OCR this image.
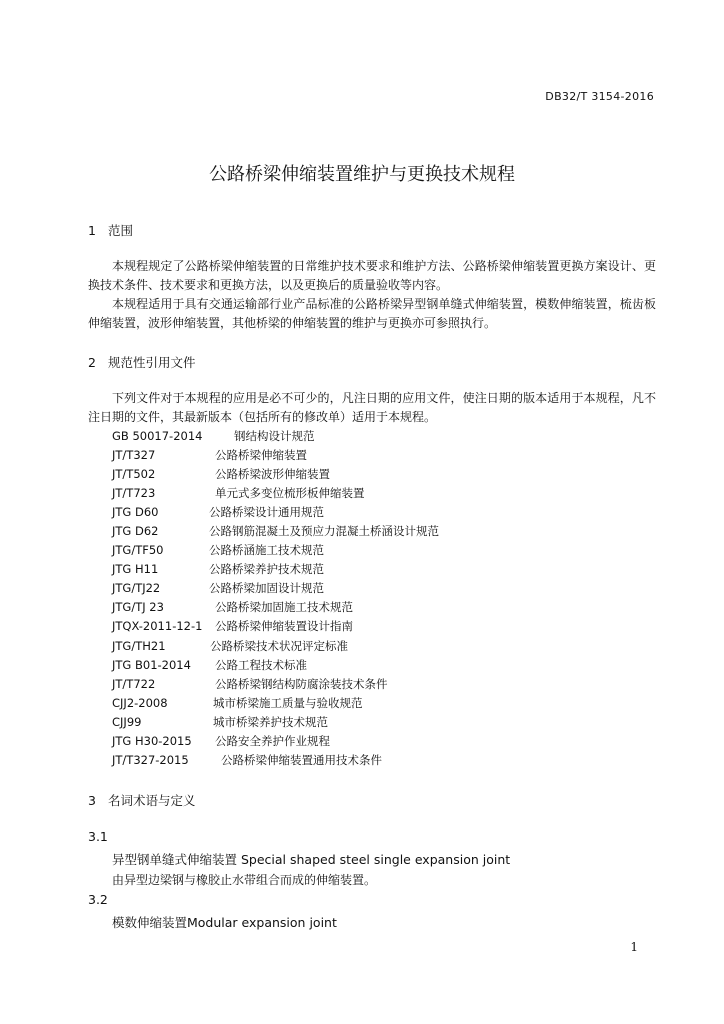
DB32/T 3154-2016
公路桥梁伸缩装置维护与更换技术规程
1 范围
本规程规定了公路桥梁伸缩装置的日常维护技术要求和维护方法、公路桥梁伸缩装置更换方案设计、更换技术条件、技术要求和更换方法，以及更换后的质量验收等内容。
本规程适用于具有交通运输部行业产品标准的公路桥梁异型钢单缝式伸缩装置，模数伸缩装置，梳齿板伸缩装置，波形伸缩装置，其他桥梁的伸缩装置的维护与更换亦可参照执行。
2 规范性引用文件
下列文件对于本规程的应用是必不可少的，凡注日期的应用文件，使注日期的版本适用于本规程，凡不注日期的文件，其最新版本（包括所有的修改单）适用于本规程。
GB 50017-2014	钢结构设计规范
JT/T327	公路桥梁伸缩装置
JT/T502	公路桥梁波形伸缩装置
JT/T723	单元式多变位梳形板伸缩装置
JTG D60	公路桥梁设计通用规范
JTG D62	公路钢筋混凝土及预应力混凝土桥涵设计规范
JTG/TF50	公路桥涵施工技术规范
JTG H11	公路桥梁养护技术规范
JTG/TJ22	公路桥梁加固设计规范
JTG/TJ 23	公路桥梁加固施工技术规范
JTQX-2011-12-1 公路桥梁伸缩装置设计指南
JTG/TH21	公路桥梁技术状况评定标准
JTG B01-2014 公路工程技术标准
JT/T722	公路桥梁钢结构防腐涂装技术条件
CJJ2-2008	城市桥梁施工质量与验收规范
CJJ99	城市桥梁养护技术规范
JTG H30-2015 公路安全养护作业规程
JT/T327-2015	公路桥梁伸缩装置通用技术条件
3 名词术语与定义
3.1
异型钢单缝式伸缩装置 Special shaped steel single expansion joint
由异型边梁钢与橡胶止水带组合而成的伸缩装置。
3.2
模数伸缩装置Modular expansion joint
1
